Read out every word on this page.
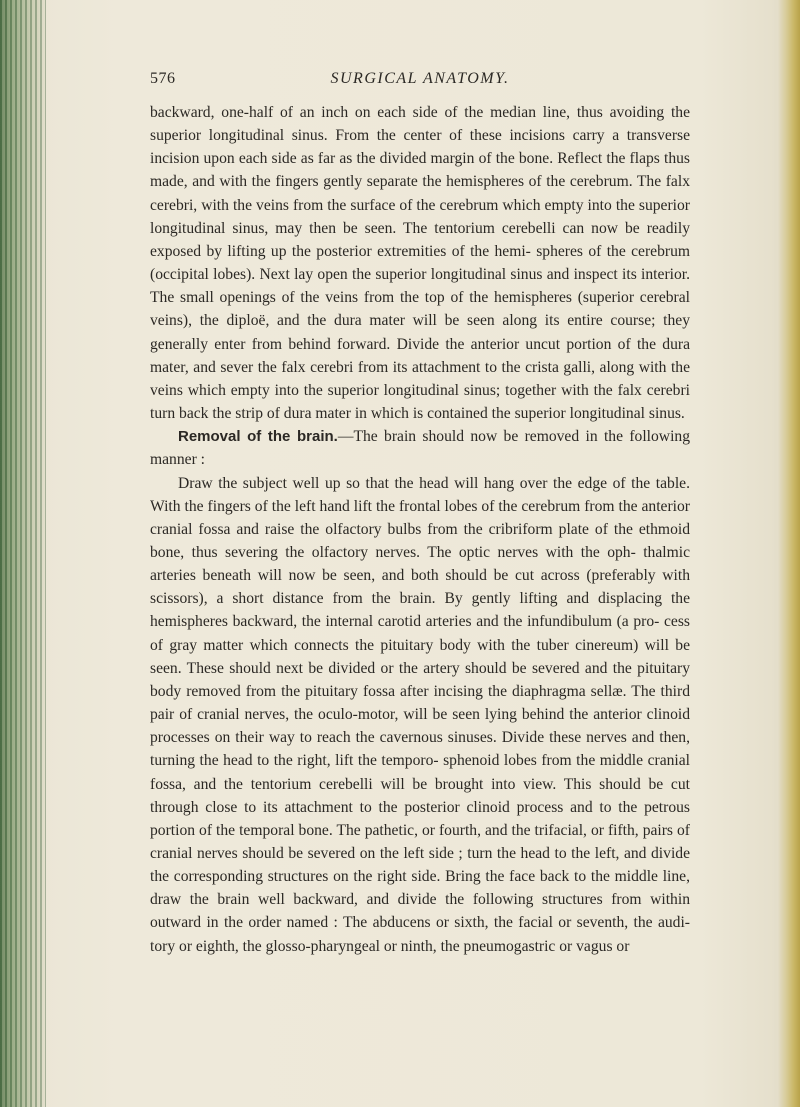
576	SURGICAL ANATOMY.

backward, one-half of an inch on each side of the median line, thus avoiding the superior longitudinal sinus. From the center of these incisions carry a transverse incision upon each side as far as the divided margin of the bone. Reflect the flaps thus made, and with the fingers gently separate the hemispheres of the cerebrum. The falx cerebri, with the veins from the surface of the cerebrum which empty into the superior longitudinal sinus, may then be seen. The tentorium cerebelli can now be readily exposed by lifting up the posterior extremities of the hemi- spheres of the cerebrum (occipital lobes). Next lay open the superior longitudinal sinus and inspect its interior. The small openings of the veins from the top of the hemispheres (superior cerebral veins), the diploë, and the dura mater will be seen along its entire course; they generally enter from behind forward. Divide the anterior uncut portion of the dura mater, and sever the falx cerebri from its attachment to the crista galli, along with the veins which empty into the superior longitudinal sinus; together with the falx cerebri turn back the strip of dura mater in which is contained the superior longitudinal sinus.

Removal of the brain.—The brain should now be removed in the following manner :

Draw the subject well up so that the head will hang over the edge of the table. With the fingers of the left hand lift the frontal lobes of the cerebrum from the anterior cranial fossa and raise the olfactory bulbs from the cribriform plate of the ethmoid bone, thus severing the olfactory nerves. The optic nerves with the oph- thalmic arteries beneath will now be seen, and both should be cut across (preferably with scissors), a short distance from the brain. By gently lifting and displacing the hemispheres backward, the internal carotid arteries and the infundibulum (a pro- cess of gray matter which connects the pituitary body with the tuber cinereum) will be seen. These should next be divided or the artery should be severed and the pituitary body removed from the pituitary fossa after incising the diaphragma sellæ. The third pair of cranial nerves, the oculo-motor, will be seen lying behind the anterior clinoid processes on their way to reach the cavernous sinuses. Divide these nerves and then, turning the head to the right, lift the temporo- sphenoid lobes from the middle cranial fossa, and the tentorium cerebelli will be brought into view. This should be cut through close to its attachment to the posterior clinoid process and to the petrous portion of the temporal bone. The pathetic, or fourth, and the trifacial, or fifth, pairs of cranial nerves should be severed on the left side ; turn the head to the left, and divide the corresponding structures on the right side. Bring the face back to the middle line, draw the brain well backward, and divide the following structures from within outward in the order named : The abducens or sixth, the facial or seventh, the audi- tory or eighth, the glosso-pharyngeal or ninth, the pneumogastric or vagus or
